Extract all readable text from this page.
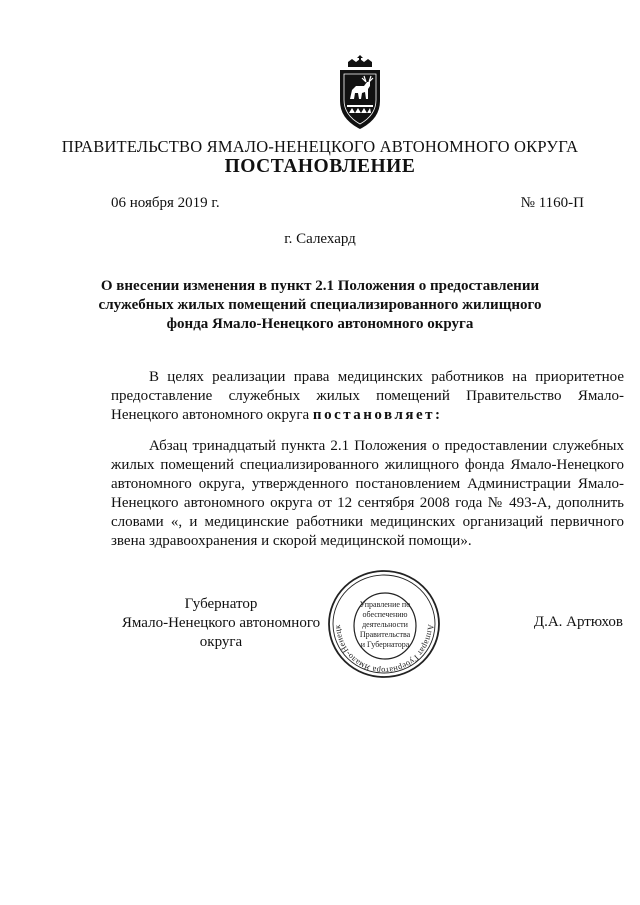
ПРАВИТЕЛЬСТВО ЯМАЛО-НЕНЕЦКОГО АВТОНОМНОГО ОКРУГА
ПОСТАНОВЛЕНИЕ
06 ноября 2019 г.	№ 1160-П
г. Салехард
О внесении изменения в пункт 2.1 Положения о предоставлении служебных жилых помещений специализированного жилищного фонда Ямало-Ненецкого автономного округа

В целях реализации права медицинских работников на приоритетное предоставление служебных жилых помещений Правительство Ямало-Ненецкого автономного округа постановляет:

Абзац тринадцатый пункта 2.1 Положения о предоставлении служебных жилых помещений специализированного жилищного фонда Ямало-Ненецкого автономного округа, утвержденного постановлением Администрации Ямало-Ненецкого автономного округа от 12 сентября 2008 года № 493-А, дополнить словами «, и медицинские работники медицинских организаций первичного звена здравоохранения и скорой медицинской помощи».

Губернатор
Ямало-Ненецкого автономного округа
Д.А. Артюхов
Аппарат Губернатора Ямало-Ненецк
Управление по
обеспечению
деятельности
Правительства
и Губернатора
